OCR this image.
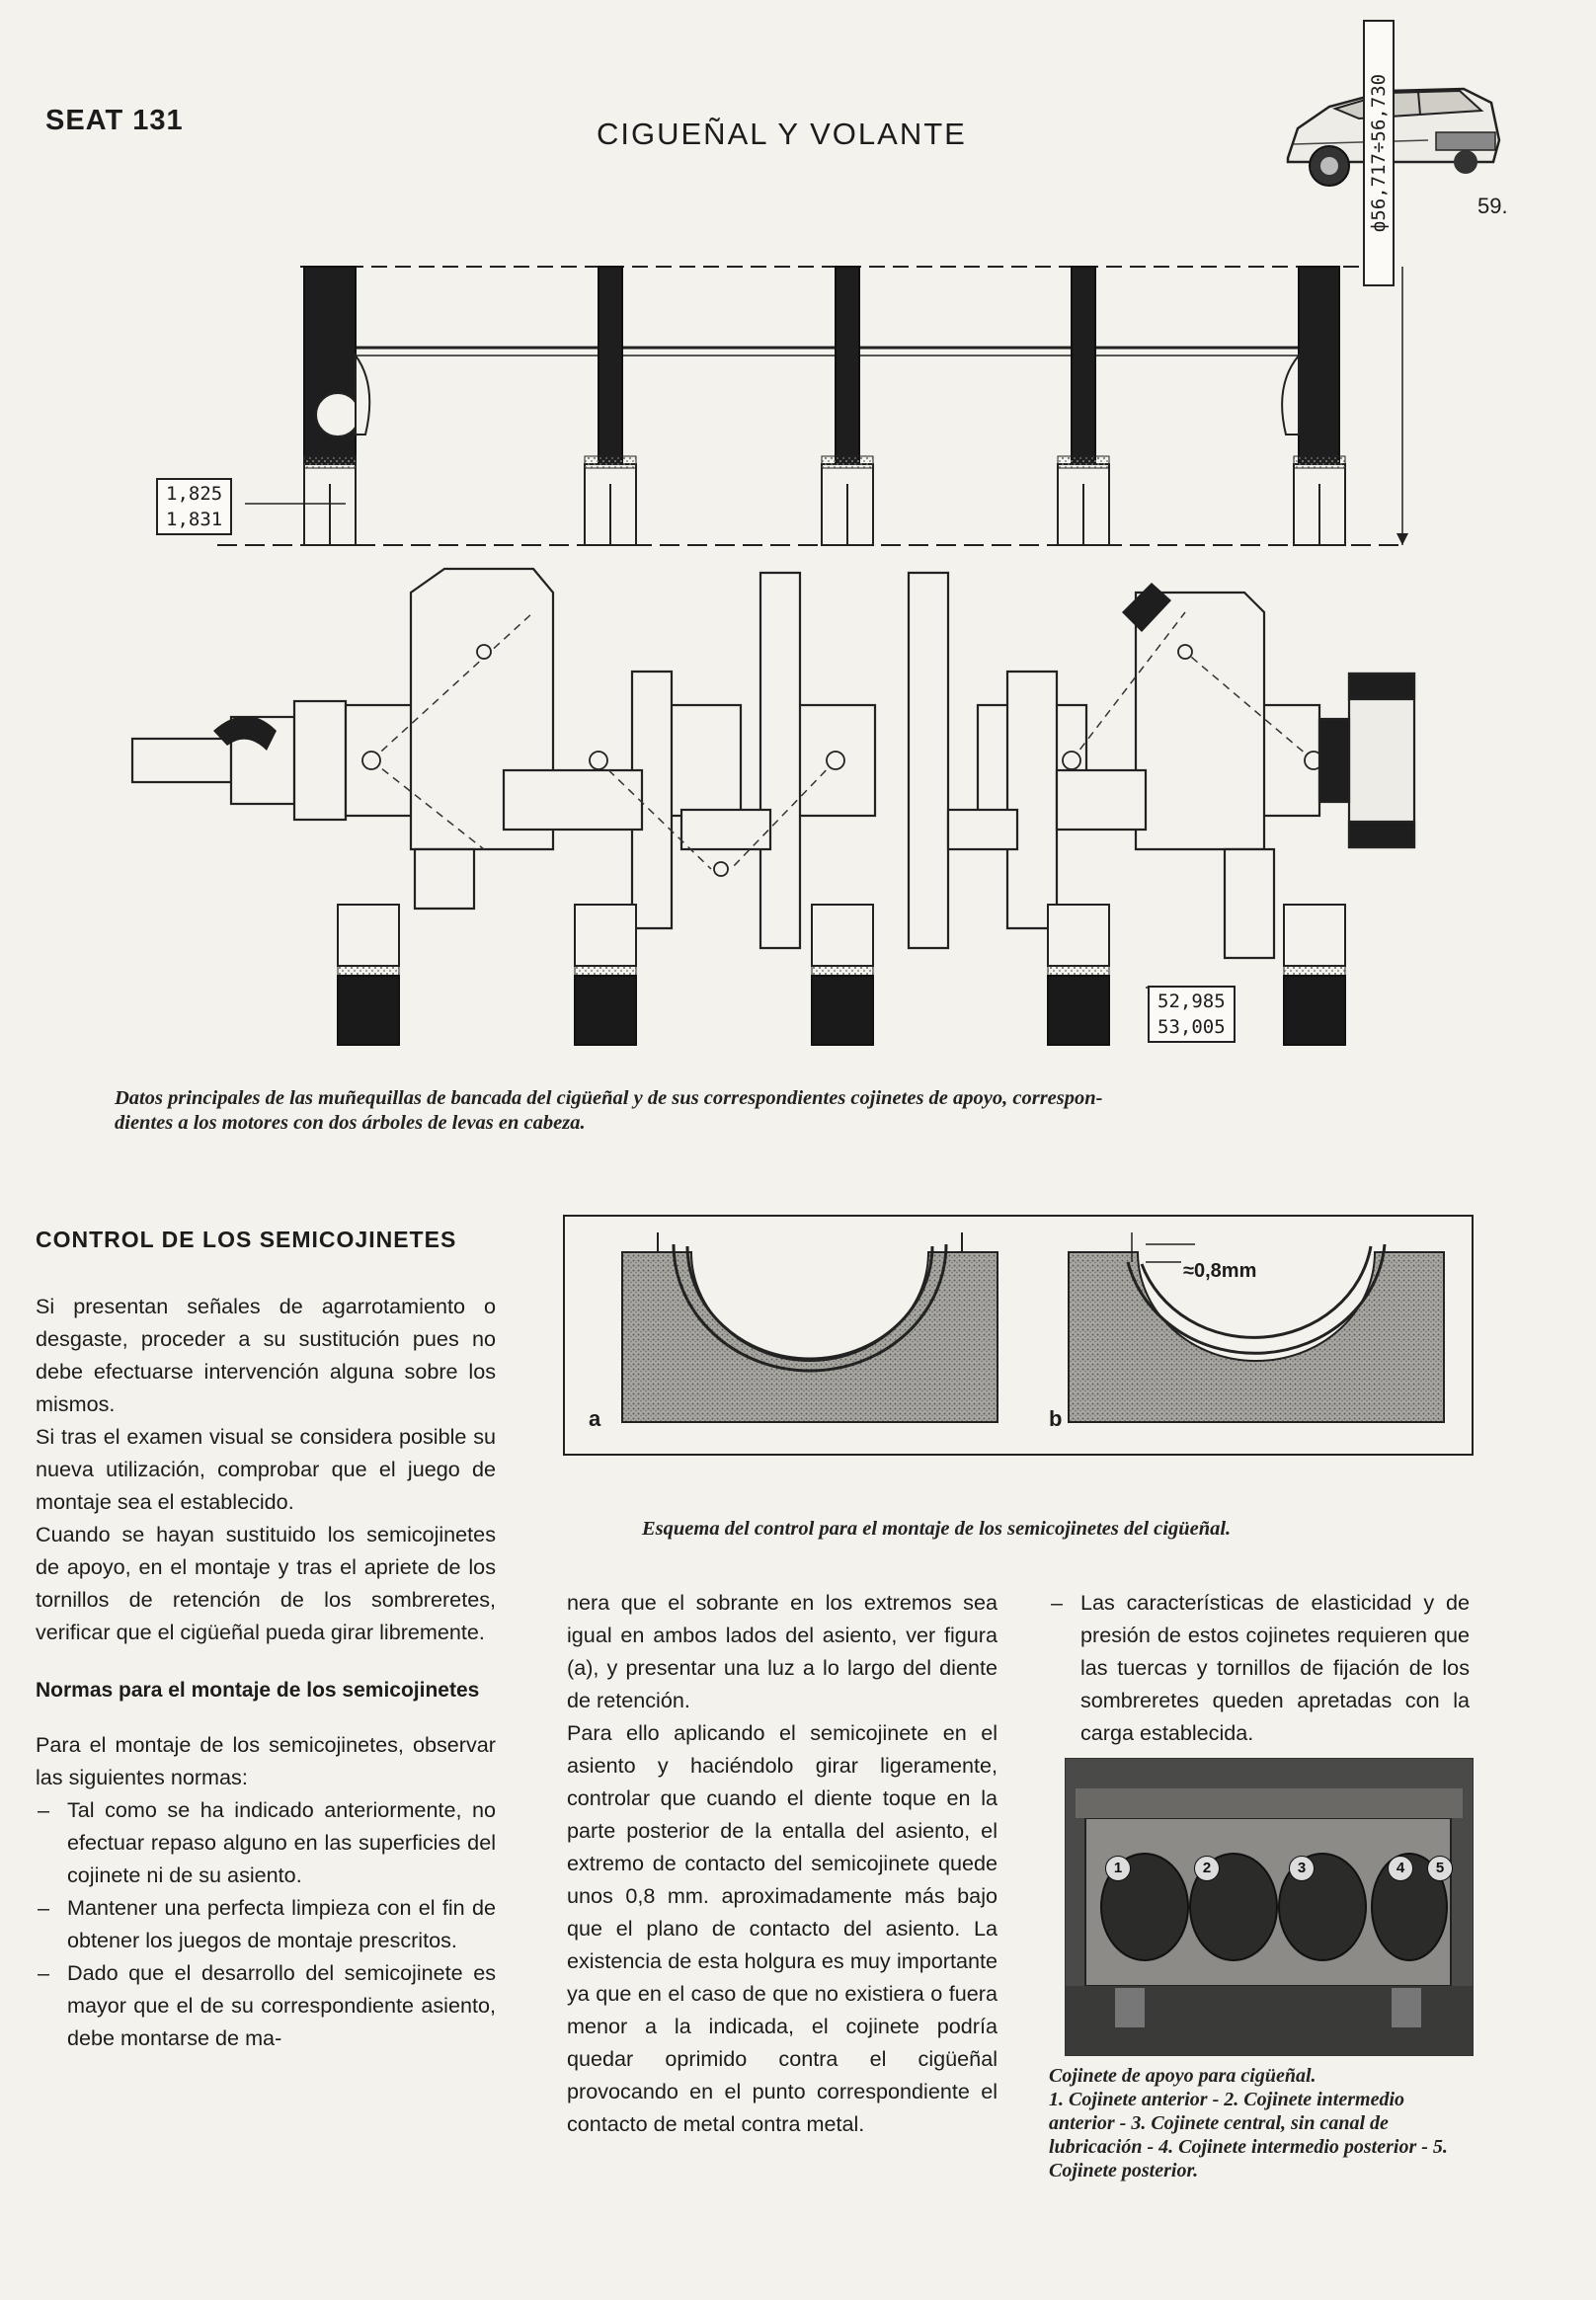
SEAT 131	CIGUEÑAL Y VOLANTE
59.
1,825
1,831
ф56,717÷56,730
52,985
53,005
Datos principales de las muñequillas de bancada del cigüeñal y de sus correspondientes cojinetes de apoyo, correspon-
dientes a los motores con dos árboles de levas en cabeza.
CONTROL DE LOS SEMICOJINETES

Si presentan señales de agarrotamiento o desgaste, proceder a su sustitución pues no debe efectuarse intervención alguna sobre los mismos.

Si tras el examen visual se considera posible su nueva utilización, comprobar que el juego de montaje sea el establecido.

Cuando se hayan sustituido los semicojinetes de apoyo, en el montaje y tras el apriete de los tornillos de retención de los sombreretes, verificar que el cigüeñal pueda girar libremente.

Normas para el montaje de los semicojinetes

Para el montaje de los semicojinetes, observar las siguientes normas:

– Tal como se ha indicado anteriormente, no efectuar repaso alguno en las superficies del cojinete ni de su asiento.
– Mantener una perfecta limpieza con el fin de obtener los juegos de montaje prescritos.
– Dado que el desarrollo del semicojinete es mayor que el de su correspondiente asiento, debe montarse de ma-
a	b
≈0,8mm
Esquema del control para el montaje de los semicojinetes del cigüeñal.

nera que el sobrante en los extremos sea igual en ambos lados del asiento, ver figura (a), y presentar una luz a lo largo del diente de retención.

Para ello aplicando el semicojinete en el asiento y haciéndolo girar ligeramente, controlar que cuando el diente toque en la parte posterior de la entalla del asiento, el extremo de contacto del semicojinete quede unos 0,8 mm. aproximadamente más bajo que el plano de contacto del asiento. La existencia de esta holgura es muy importante ya que en el caso de que no existiera o fuera menor a la indicada, el cojinete podría quedar oprimido contra el cigüeñal provocando en el punto correspondiente el contacto de metal contra metal.

– Las características de elasticidad y de presión de estos cojinetes requieren que las tuercas y tornillos de fijación de los sombreretes queden apretadas con la carga establecida.
1	2	3	4	5
Cojinete de apoyo para cigüeñal.
1. Cojinete anterior - 2. Cojinete intermedio anterior - 3. Cojinete central, sin canal de lubricación - 4. Cojinete intermedio posterior - 5. Cojinete posterior.
